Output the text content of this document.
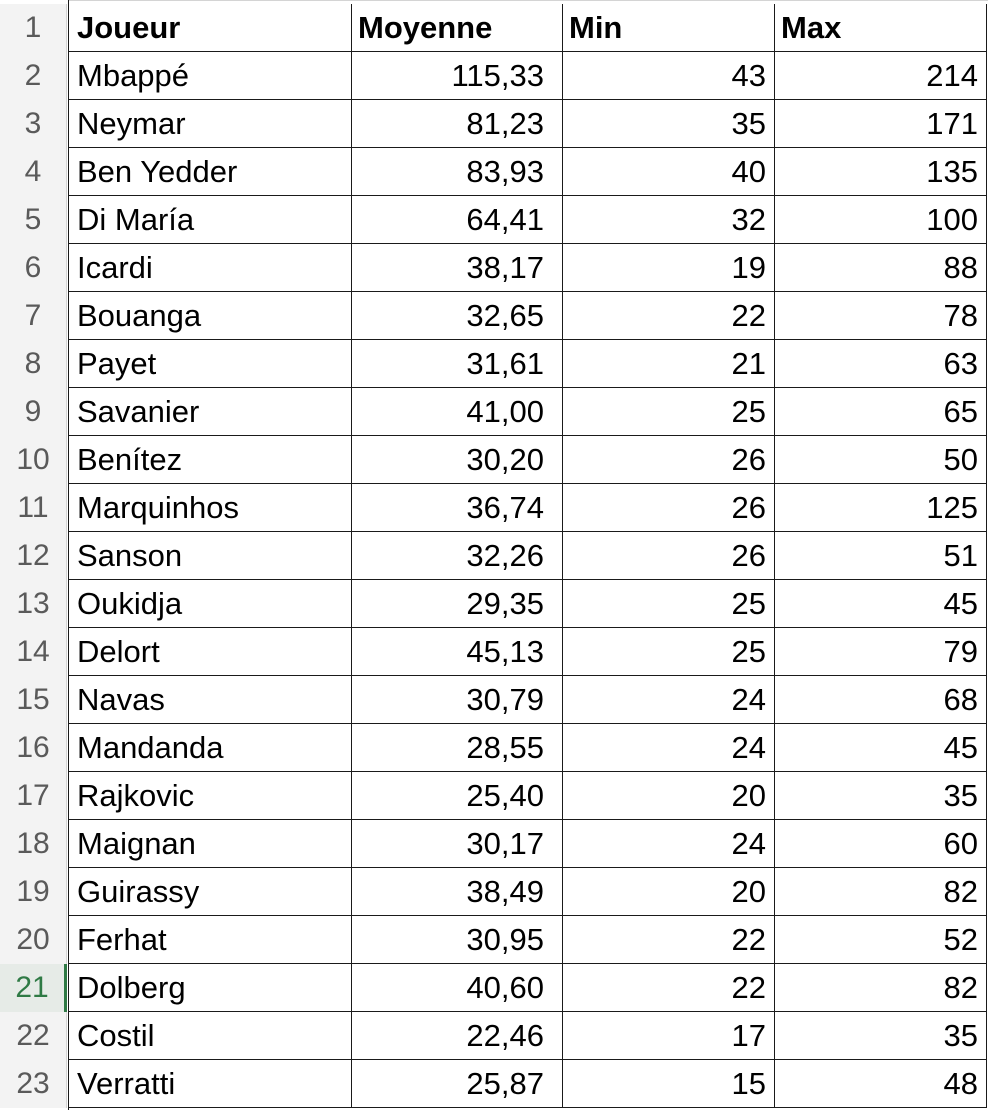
1	Joueur	Moyenne	Min	Max
2	Mbappé	115,33	43	214
3	Neymar	81,23	35	171
4	Ben Yedder	83,93	40	135
5	Di María	64,41	32	100
6	Icardi	38,17	19	88
7	Bouanga	32,65	22	78
8	Payet	31,61	21	63
9	Savanier	41,00	25	65
10 Benítez	30,20	26	50
11 Marquinhos	36,74	26	125
12 Sanson	32,26	26	51
13 Oukidja	29,35	25	45
14 Delort	45,13	25	79
15 Navas	30,79	24	68
16 Mandanda	28,55	24	45
17 Rajkovic	25,40	20	35
18 Maignan	30,17	24	60
19 Guirassy	38,49	20	82
20 Ferhat	30,95	22	52
21 Dolberg	40,60	22	82
22 Costil	22,46	17	35
23 Verratti	25,87	15	48
